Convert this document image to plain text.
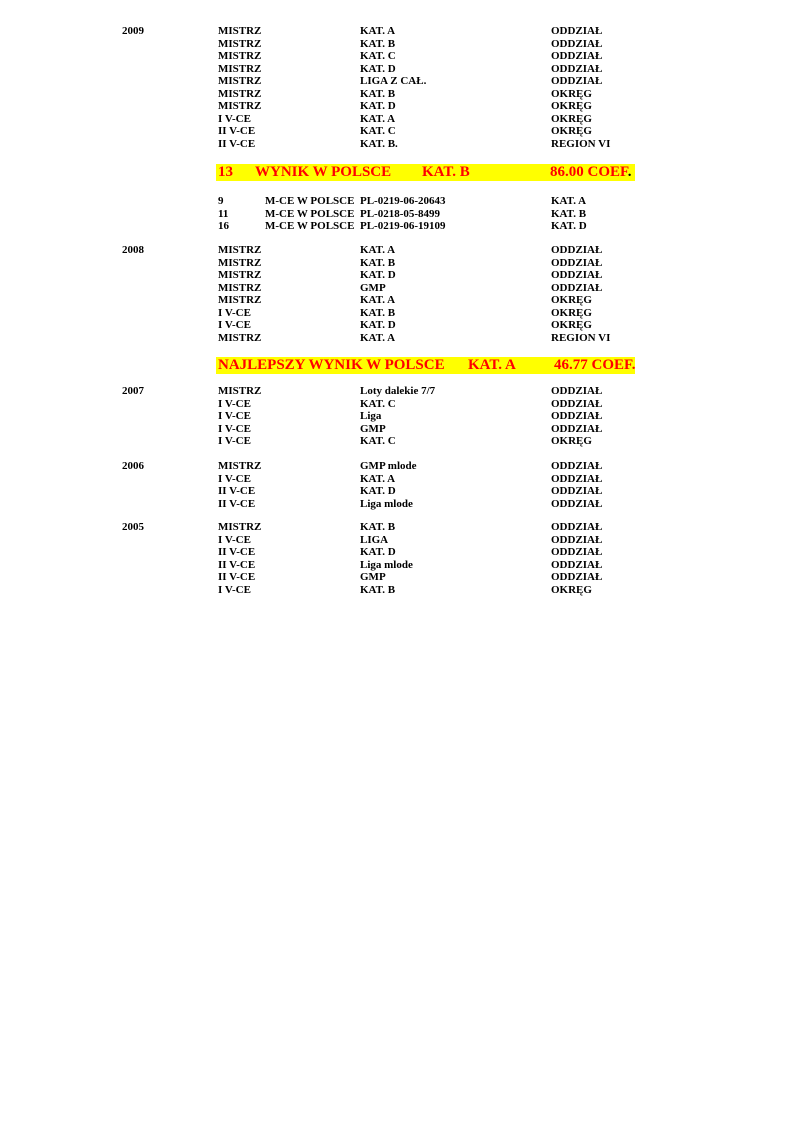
2009	MISTRZ	KAT. A	ODDZIAŁ
MISTRZ	KAT. B	ODDZIAŁ
MISTRZ	KAT. C	ODDZIAŁ
MISTRZ	KAT. D	ODDZIAŁ
MISTRZ	LIGA Z CAŁ.	ODDZIAŁ
MISTRZ	KAT. B	OKRĘG
MISTRZ	KAT. D	OKRĘG
I V-CE	KAT. A	OKRĘG
II V-CE	KAT. C	OKRĘG
II V-CE	KAT. B.	REGION VI
13 WYNIK W POLSCE KAT. B	86.00 COEF.
9	M-CE W POLSCE PL-0219-06-20643	KAT. A
11	M-CE W POLSCE PL-0218-05-8499	KAT. B
16	M-CE W POLSCE PL-0219-06-19109	KAT. D
2008	MISTRZ	KAT. A	ODDZIAŁ
MISTRZ	KAT. B	ODDZIAŁ
MISTRZ	KAT. D	ODDZIAŁ
MISTRZ	GMP	ODDZIAŁ
MISTRZ	KAT. A	OKRĘG
I V-CE	KAT. B	OKRĘG
I V-CE	KAT. D	OKRĘG
MISTRZ	KAT. A	REGION VI
NAJLEPSZY WYNIK W POLSCE KAT. A	46.77 COEF.
2007	MISTRZ	Loty dalekie 7/7	ODDZIAŁ
I V-CE	KAT. C	ODDZIAŁ
I V-CE	Liga	ODDZIAŁ
I V-CE	GMP	ODDZIAŁ
I V-CE	KAT. C	OKRĘG
2006	MISTRZ	GMP mlode	ODDZIAŁ
I V-CE	KAT. A	ODDZIAŁ
II V-CE	KAT. D	ODDZIAŁ
II V-CE	Liga mlode	ODDZIAŁ
2005	MISTRZ	KAT. B	ODDZIAŁ
I V-CE	LIGA	ODDZIAŁ
II V-CE	KAT. D	ODDZIAŁ
II V-CE	Liga mlode	ODDZIAŁ
II V-CE	GMP	ODDZIAŁ
I V-CE	KAT. B	OKRĘG
